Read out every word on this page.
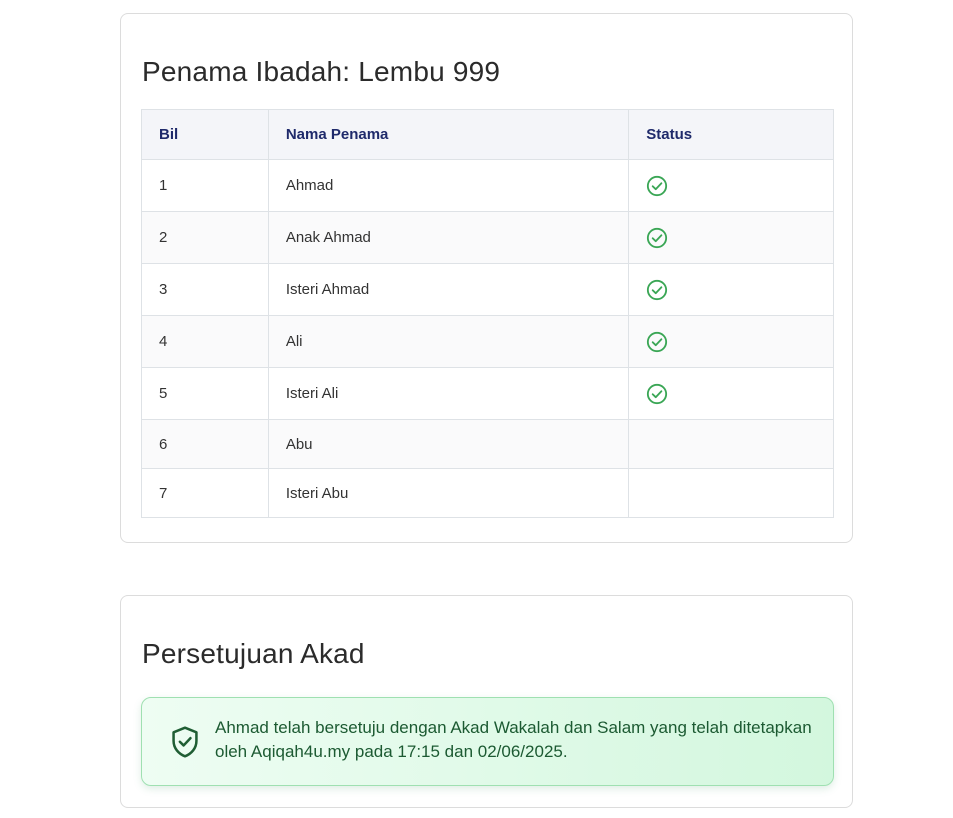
Penama Ibadah: Lembu 999
Bil	Nama Penama	Status
1	Ahmad	
2	Anak Ahmad	
3	Isteri Ahmad	
4	Ali	
5	Isteri Ali	
6	Abu	
7	Isteri Abu	
Persetujuan Akad

Ahmad telah bersetuju dengan Akad Wakalah dan Salam yang telah ditetapkan oleh Aqiqah4u.my pada 17:15 dan 02/06/2025.
